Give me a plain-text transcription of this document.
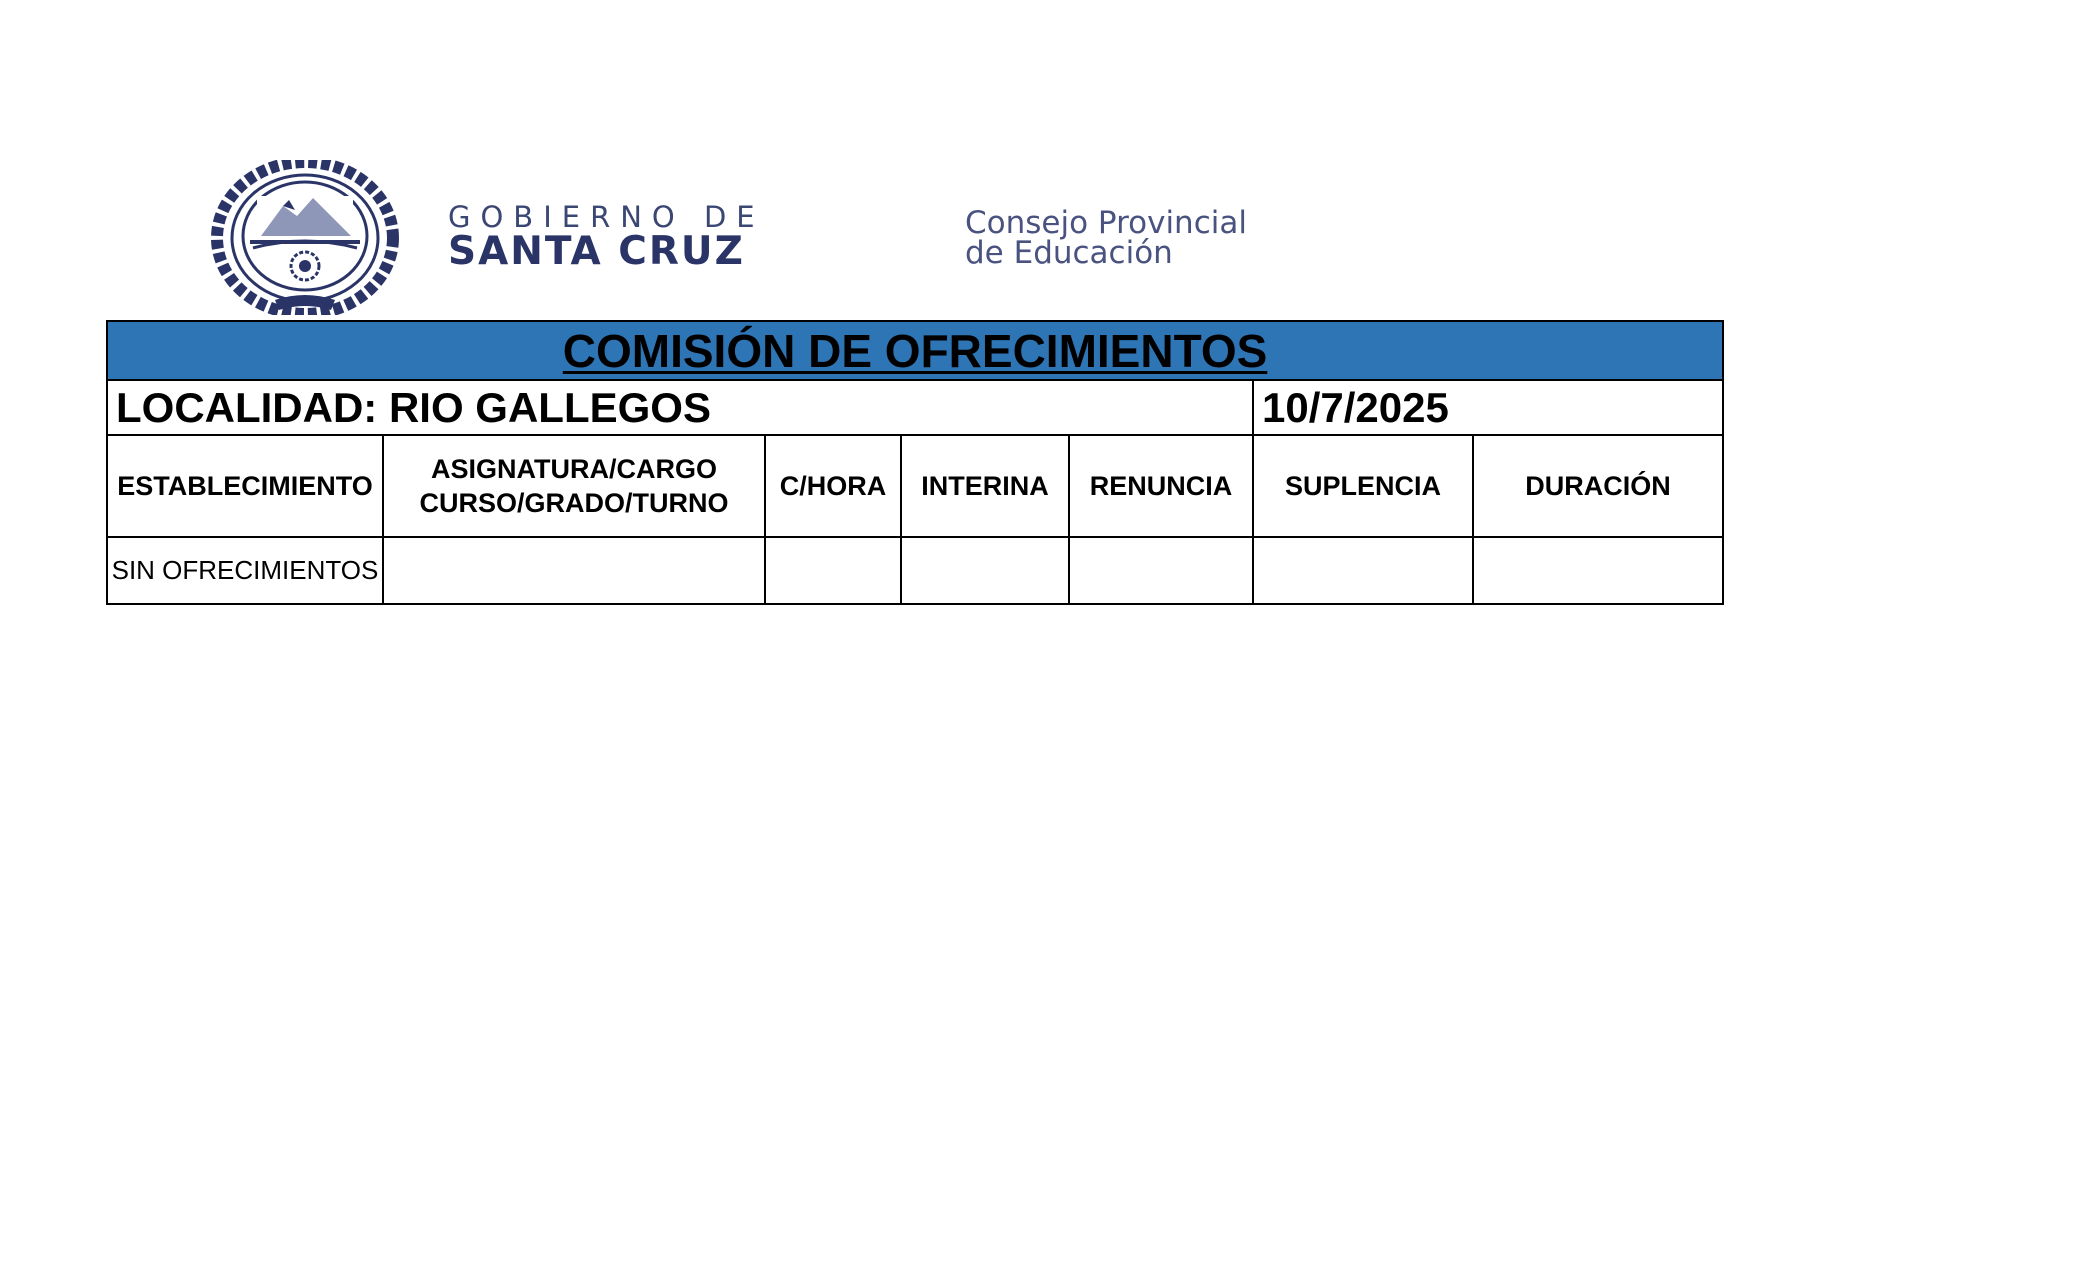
GOBIERNO DE
SANTA CRUZ
Consejo Provincial
de Educación
COMISIÓN DE OFRECIMIENTOS						
LOCALIDAD: RIO GALLEGOS					10/7/2025	
ESTABLECIMIENTO	ASIGNATURA/CARGO CURSO/GRADO/TURNO	C/HORA	INTERINA	RENUNCIA	SUPLENCIA	DURACIÓN
SIN OFRECIMIENTOS						
